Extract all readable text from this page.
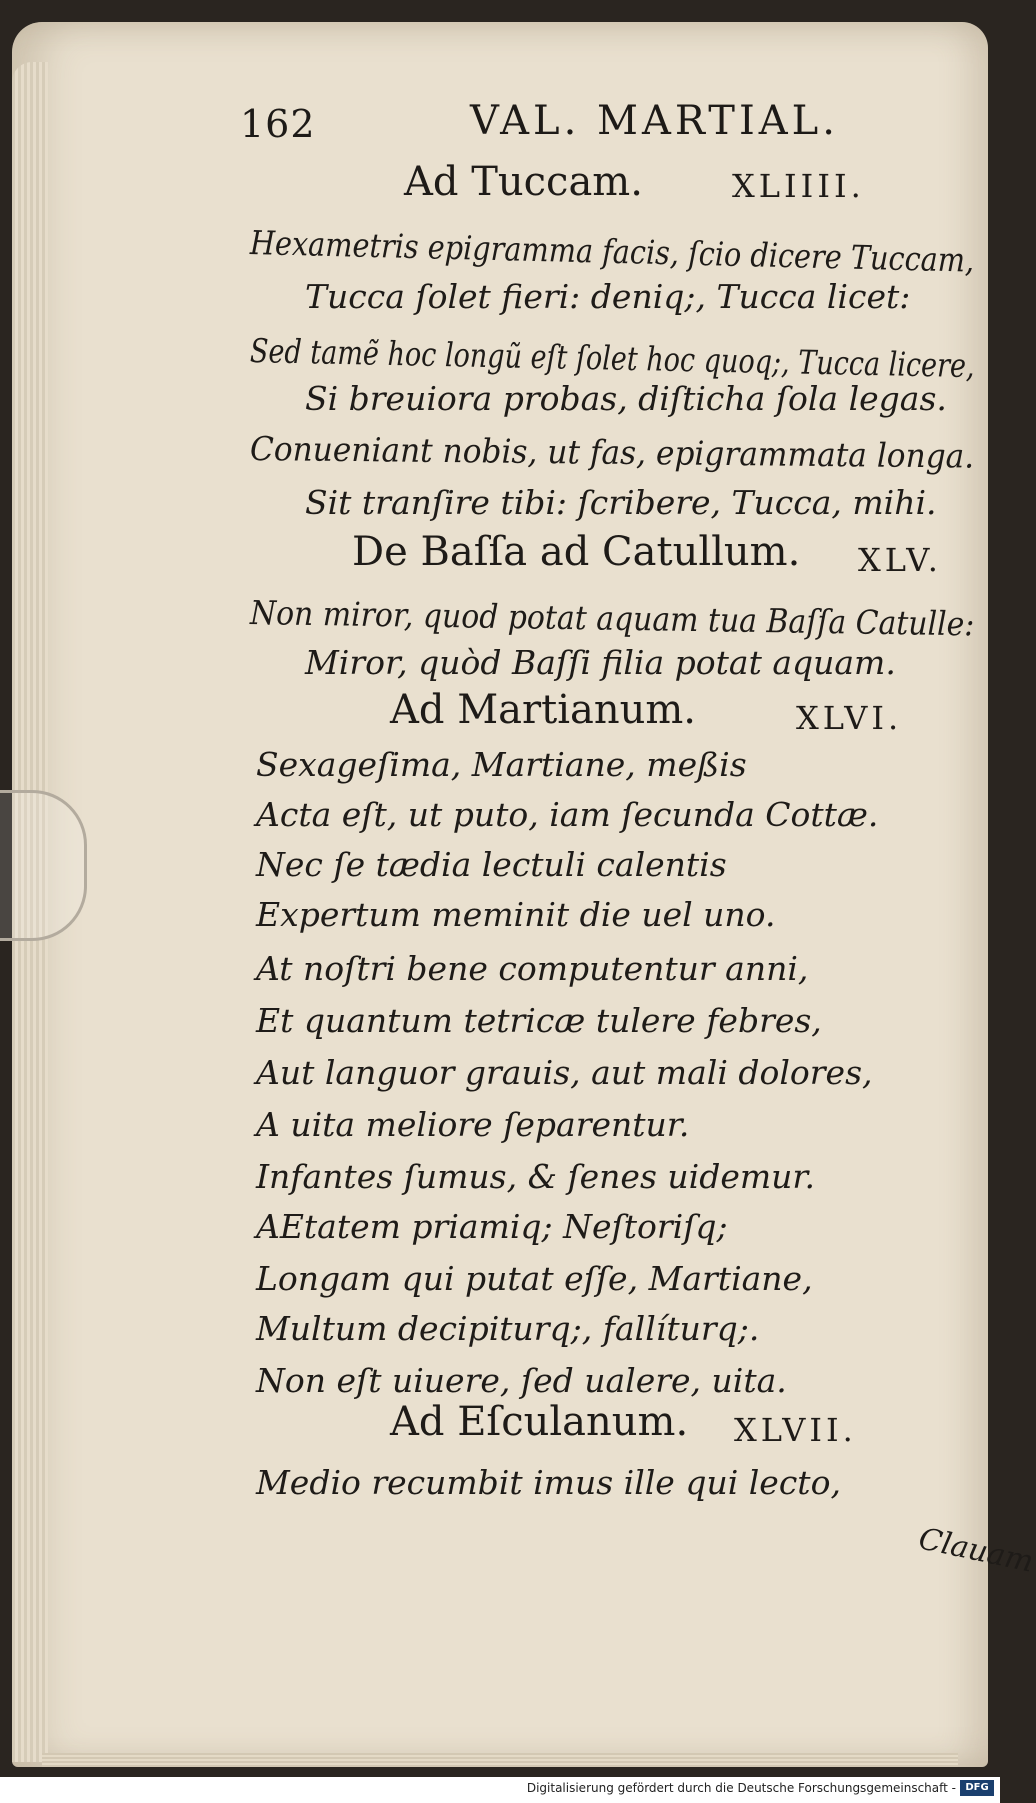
162	VAL. MARTIAL.
Ad Tuccam.	XLIIII.
Hexametris epigramma facis, ſcio dicere Tuccam,
Tucca ſolet fieri: deniq;, Tucca licet:
Sed tamẽ hoc longũ eſt ſolet hoc quoq;, Tucca licere,
Si breuiora probas, diſticha ſola legas.
Conueniant nobis, ut fas, epigrammata longa.
Sit tranſire tibi: ſcribere, Tucca, mihi.
De Baſſa ad Catullum. XLV.
Non miror, quod potat aquam tua Baſſa Catulle:
Miror, quòd Baſſi filia potat aquam.
Ad Martianum.	XLVI.
Sexageſima, Martiane, meßis
Acta eſt, ut puto, iam ſecunda Cottæ.
Nec ſe tædia lectuli calentis
Expertum meminit die uel uno.
At noſtri bene computentur anni,
Et quantum tetricæ tulere febres,
Aut languor grauis, aut mali dolores,
A uita meliore ſeparentur.
Infantes ſumus, & ſenes uidemur.
AEtatem priamiq; Neſtoriſq;
Longam qui putat eſſe, Martiane,
Multum decipiturq;, fallíturq;.
Non eſt uiuere, ſed ualere, uita.
Ad Eſculanum. XLVII.
Medio recumbit imus ille qui lecto,
Clauam
Digitalisierung gefördert durch die Deutsche Forschungsgemeinschaft - DFG
